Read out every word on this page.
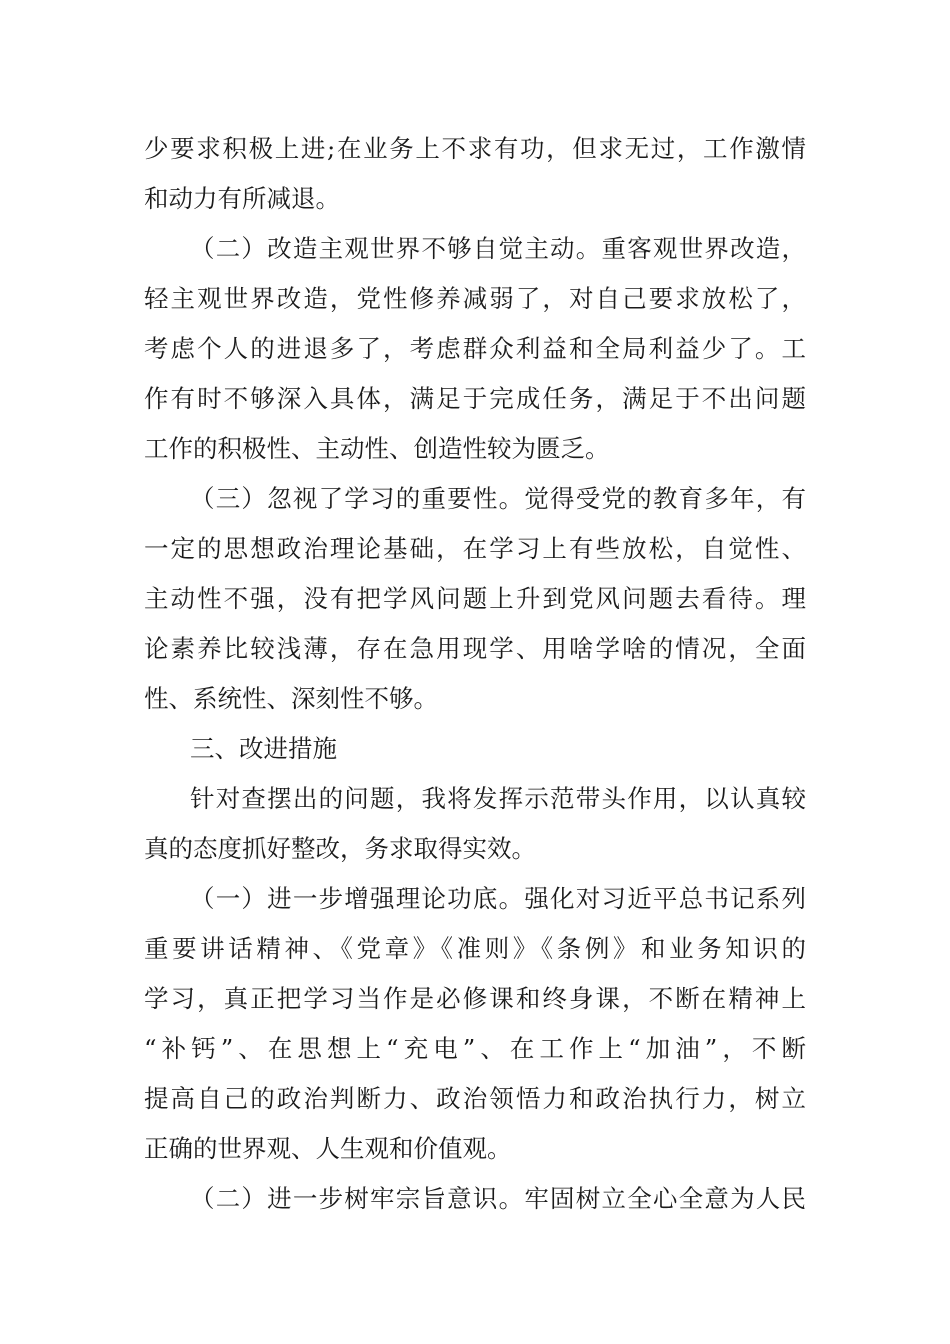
少要求积极上进;在业务上不求有功，但求无过，工作激情
和动力有所减退。
（二）改造主观世界不够自觉主动。重客观世界改造，
轻主观世界改造，党性修养减弱了，对自己要求放松了，
考虑个人的进退多了，考虑群众利益和全局利益少了。工
作有时不够深入具体，满足于完成任务，满足于不出问题
工作的积极性、主动性、创造性较为匮乏。
（三）忽视了学习的重要性。觉得受党的教育多年，有
一定的思想政治理论基础，在学习上有些放松，自觉性、
主动性不强，没有把学风问题上升到党风问题去看待。理
论素养比较浅薄，存在急用现学、用啥学啥的情况，全面
性、系统性、深刻性不够。
三、改进措施
针对查摆出的问题，我将发挥示范带头作用，以认真较
真的态度抓好整改，务求取得实效。
（一）进一步增强理论功底。强化对习近平总书记系列
重要讲话精神、《党章》《准则》《条例》和业务知识的
学习，真正把学习当作是必修课和终身课，不断在精神上
“补钙”、在思想上“充电”、在工作上“加油”，不断
提高自己的政治判断力、政治领悟力和政治执行力，树立
正确的世界观、人生观和价值观。
（二）进一步树牢宗旨意识。牢固树立全心全意为人民
